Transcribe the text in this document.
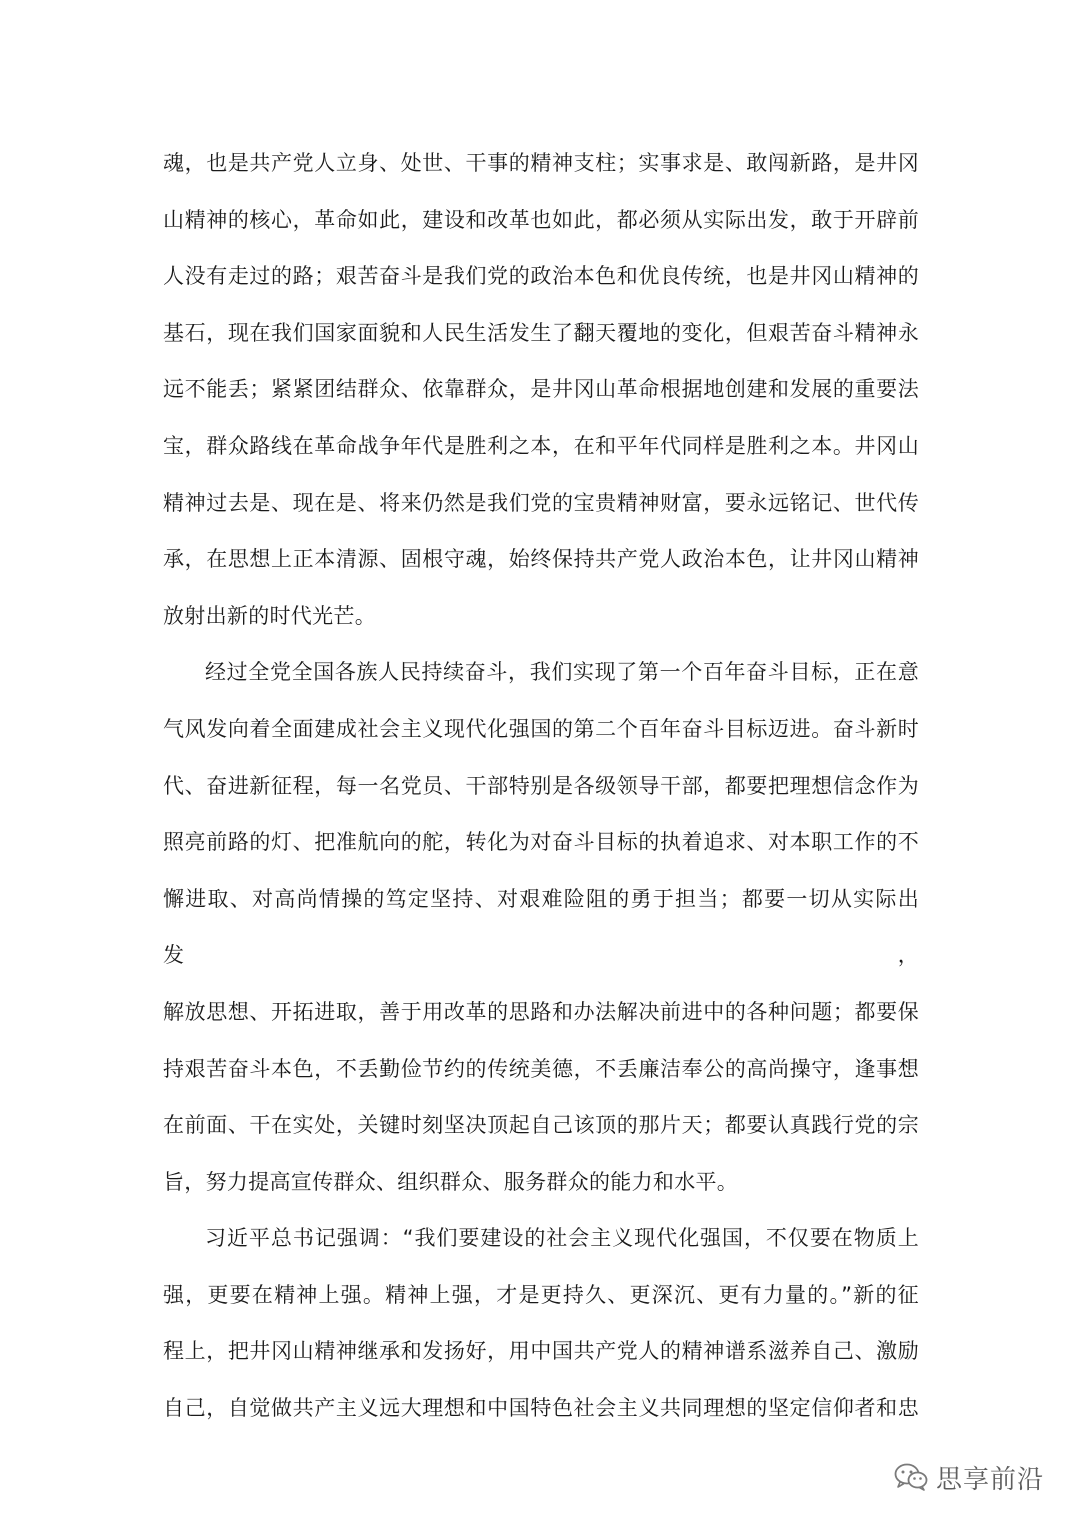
魂，也是共产党人立身、处世、干事的精神支柱；实事求是、敢闯新路，是井冈

山精神的核心，革命如此，建设和改革也如此，都必须从实际出发，敢于开辟前

人没有走过的路；艰苦奋斗是我们党的政治本色和优良传统，也是井冈山精神的

基石，现在我们国家面貌和人民生活发生了翻天覆地的变化，但艰苦奋斗精神永

远不能丢；紧紧团结群众、依靠群众，是井冈山革命根据地创建和发展的重要法

宝，群众路线在革命战争年代是胜利之本，在和平年代同样是胜利之本。井冈山

精神过去是、现在是、将来仍然是我们党的宝贵精神财富，要永远铭记、世代传

承，在思想上正本清源、固根守魂，始终保持共产党人政治本色，让井冈山精神

放射出新的时代光芒。

经过全党全国各族人民持续奋斗，我们实现了第一个百年奋斗目标，正在意

气风发向着全面建成社会主义现代化强国的第二个百年奋斗目标迈进。奋斗新时

代、奋进新征程，每一名党员、干部特别是各级领导干部，都要把理想信念作为

照亮前路的灯、把准航向的舵，转化为对奋斗目标的执着追求、对本职工作的不

懈进取、对高尚情操的笃定坚持、对艰难险阻的勇于担当；都要一切从实际出发，

解放思想、开拓进取，善于用改革的思路和办法解决前进中的各种问题；都要保

持艰苦奋斗本色，不丢勤俭节约的传统美德，不丢廉洁奉公的高尚操守，逢事想

在前面、干在实处，关键时刻坚决顶起自己该顶的那片天；都要认真践行党的宗

旨，努力提高宣传群众、组织群众、服务群众的能力和水平。

习近平总书记强调：“我们要建设的社会主义现代化强国，不仅要在物质上

强，更要在精神上强。精神上强，才是更持久、更深沉、更有力量的。”新的征

程上，把井冈山精神继承和发扬好，用中国共产党人的精神谱系滋养自己、激励

自己，自觉做共产主义远大理想和中国特色社会主义共同理想的坚定信仰者和忠

思享前沿
